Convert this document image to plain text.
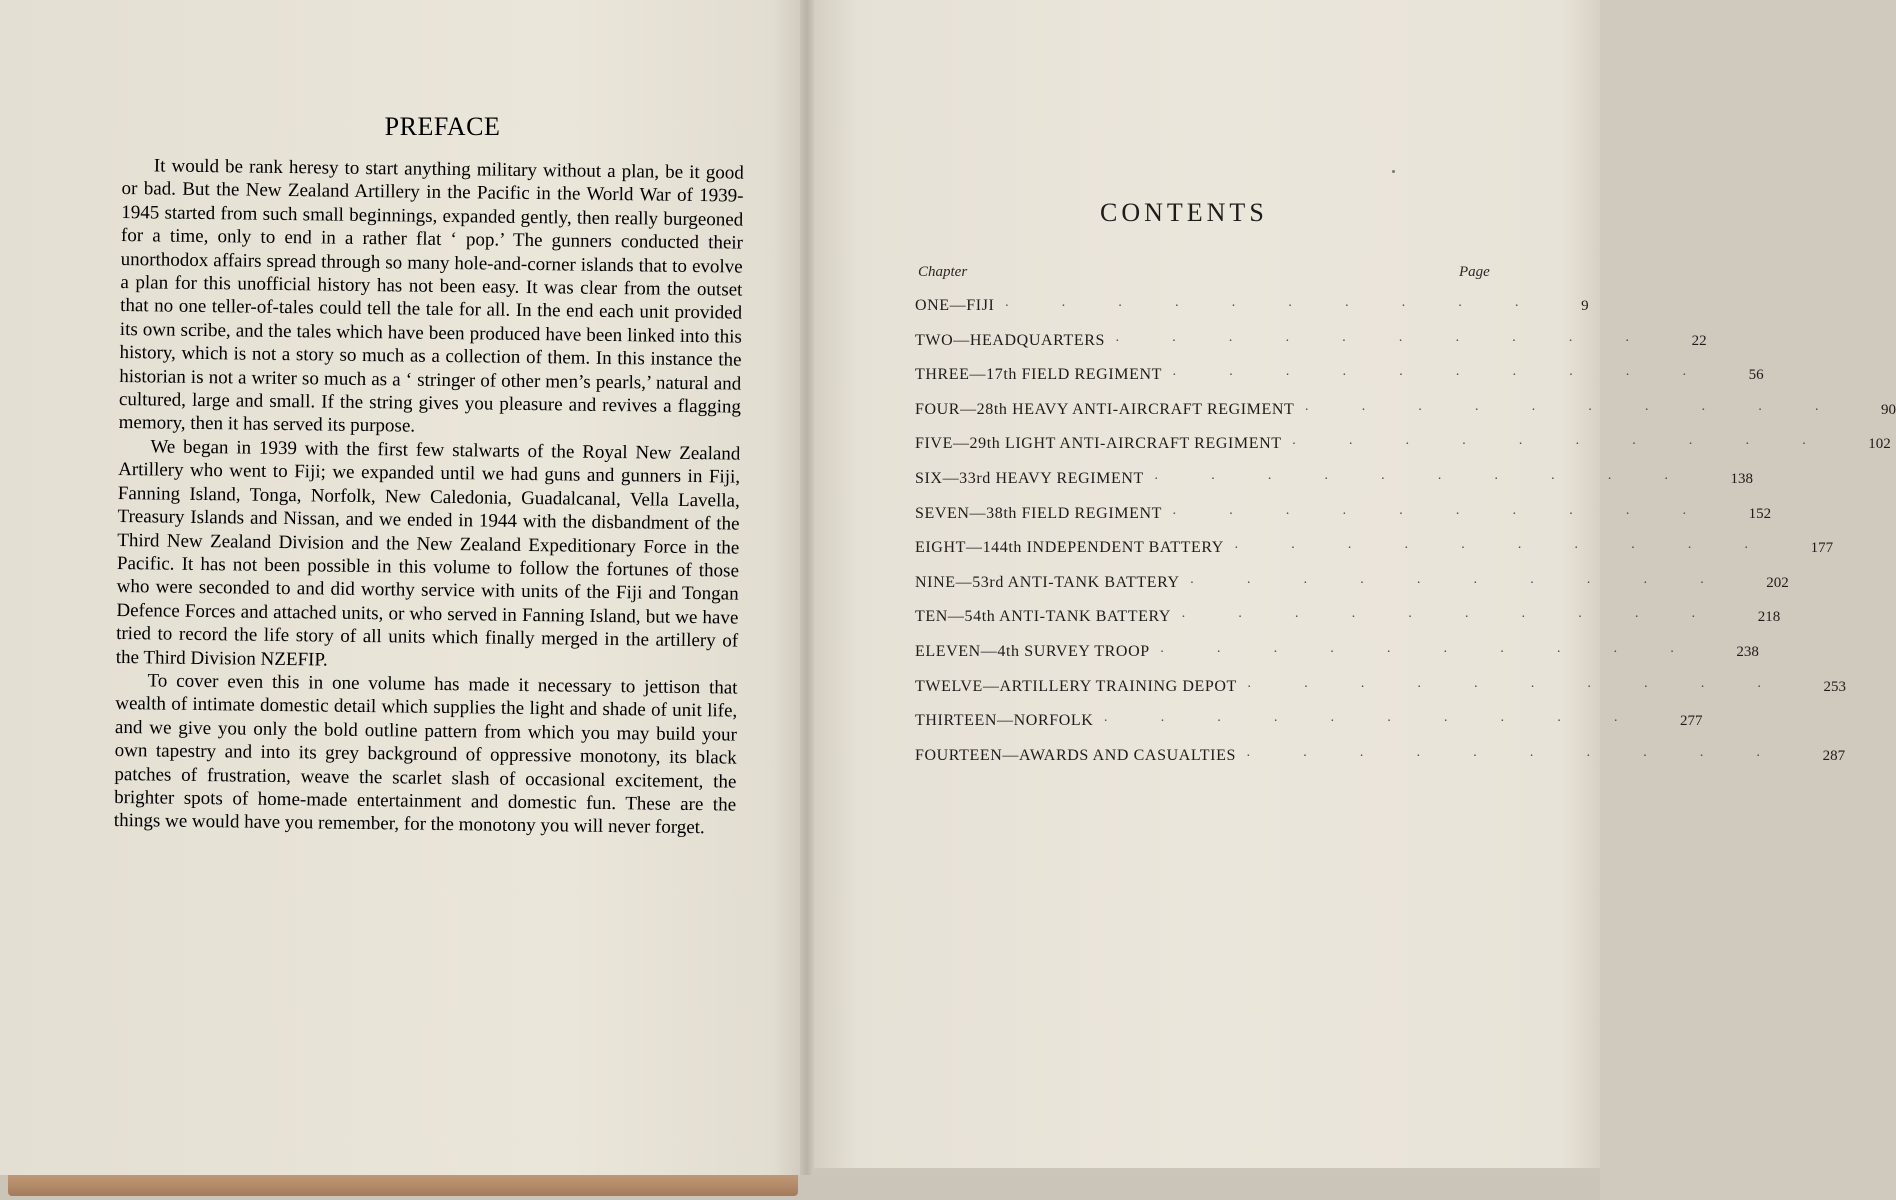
PREFACE

It would be rank heresy to start anything military without a plan, be it good or bad. But the New Zealand Artillery in the Pacific in the World War of 1939-1945 started from such small beginnings, expanded gently, then really burgeoned for a time, only to end in a rather flat ‘ pop.’ The gunners conducted their unorthodox affairs spread through so many hole-and-corner islands that to evolve a plan for this unofficial history has not been easy. It was clear from the outset that no one teller-of-tales could tell the tale for all. In the end each unit provided its own scribe, and the tales which have been produced have been linked into this history, which is not a story so much as a collection of them. In this instance the historian is not a writer so much as a ‘ stringer of other men’s pearls,’ natural and cultured, large and small. If the string gives you pleasure and revives a flagging memory, then it has served its purpose.

We began in 1939 with the first few stalwarts of the Royal New Zealand Artillery who went to Fiji; we expanded until we had guns and gunners in Fiji, Fanning Island, Tonga, Norfolk, New Caledonia, Guadalcanal, Vella Lavella, Treasury Islands and Nissan, and we ended in 1944 with the disbandment of the Third New Zealand Division and the New Zealand Expeditionary Force in the Pacific. It has not been possible in this volume to follow the fortunes of those who were seconded to and did worthy service with units of the Fiji and Tongan Defence Forces and attached units, or who served in Fanning Island, but we have tried to record the life story of all units which finally merged in the artillery of the Third Division NZEFIP.

To cover even this in one volume has made it necessary to jettison that wealth of intimate domestic detail which supplies the light and shade of unit life, and we give you only the bold outline pattern from which you may build your own tapestry and into its grey background of oppressive monotony, its black patches of frustration, weave the scarlet slash of occasional excitement, the brighter spots of home-made entertainment and domestic fun. These are the things we would have you remember, for the monotony you will never forget.

CONTENTS
Chapter	Page
ONE—FIJI ·········· 9
TWO—HEADQUARTERS ·········· 22
THREE—17th FIELD REGIMENT ·········· 56
FOUR—28th HEAVY ANTI-AIRCRAFT REGIMENT ·········· 90
FIVE—29th LIGHT ANTI-AIRCRAFT REGIMENT ·········· 102
SIX—33rd HEAVY REGIMENT ·········· 138
SEVEN—38th FIELD REGIMENT ·········· 152
EIGHT—144th INDEPENDENT BATTERY ·········· 177
NINE—53rd ANTI-TANK BATTERY ·········· 202
TEN—54th ANTI-TANK BATTERY ·········· 218
ELEVEN—4th SURVEY TROOP ·········· 238
TWELVE—ARTILLERY TRAINING DEPOT ·········· 253
THIRTEEN—NORFOLK ·········· 277
FOURTEEN—AWARDS AND CASUALTIES ·········· 287
